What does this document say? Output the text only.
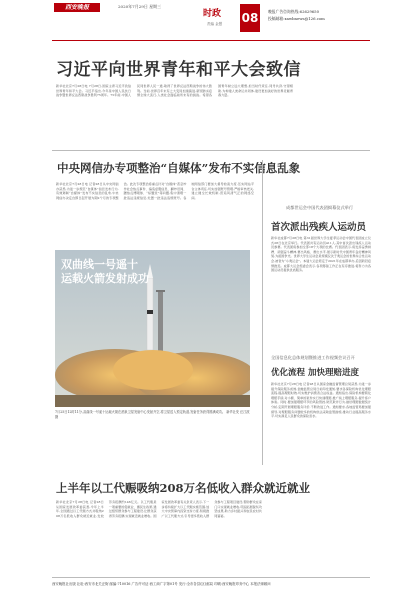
西安晚报	2020年7月29日 星期三
时政
责编 金慧 08	晚报广告咨询热线:62629650
投稿邮箱:xawbnews@126.com
习近平向世界青年和平大会致信
新华社北京7月28日电 7月28日,国家主席习近平致信世界青年和平大会。习近平指出,今年是中国人民抗日战争暨世界反法西斯战争胜利75周年。75年前,中国人民同世界人民一道,取得了世界反法西斯战争的伟大胜利。当前,世界百年未有之大变局加速演进,新冠肺炎疫情全球大流行,人类社会面临前所未有的挑战。希望各国青年树立远大理想,担当时代责任,同舟共济,守望相助,为构建人类命运共同体,建设更加美好的世界贡献青春力量。
中央网信办专项整治“自媒体”发布不实信息乱象
新华社北京7月28日电 记者28日从中央网信办获悉,为进一步规范“自媒体”信息发布行为,有效遏制“自媒体”发布不实信息的乱象,中央网信办决定自即日起开展为期2个月的专项整治。此次专项整治将重点针对“自媒体”恶意炒作社会热点事件、编造虚假信息、翻炒旧闻、蹭热点博眼球、“标题党”等问题,集中清理一批违法违规信息,处置一批违法违规账号。各地网信部门要加大督导检查力度,压实网站平台主体责任,切实加强账号管理,严格审核把关,建立健全长效机制,营造风清气正的网络空间。
双曲线一号遥十
运载火箭发射成功
7月25日12时11分,双曲线一号遥十运载火箭在酒泉卫星发射中心发射升空,将卫星送入预定轨道,发射任务获得圆满成功。 新华社发 汪江波 摄
成都世运会中国代表团揭幕仪式举行
首次派出残疾人运动员
新华社成都7月28日电 第31届世界大学生夏季运动会中国代表团成立仪式28日在北京举行。代表团共有运动员411人,其中首次派出残疾人运动员参赛。代表团将参加全部18个大项的比赛。代表团表示,将发扬奋勇拼搏、顽强奋斗精神,赛出风格、赛出水平,展示新时代中国青年良好精神风貌,为祖国争光。世界大学生运动会是规模仅次于奥运会的世界综合性运动会,被誉为“小奥运会”。本届大运会原定于2021年在成都举办,后因新冠疫情推迟。成都大运会组委会表示,各项筹备工作正在有序推进,将努力为各国运动员提供优质服务。
全国信息化总体规划暨推进工作视频会议召开
优化流程 加快理赔进度
新华社北京7月28日电 记者28日从国家金融监督管理总局获悉,为进一步提升保险服务质效,金融监管总局日前印发通知,要求各保险机构优化理赔流程,提高理赔时效,切实维护消费者合法权益。通知指出,保险机构要简化理赔手续,对小额、简单的案件实行快速理赔,推广线上理赔服务,提升客户体验。同时,要加强理赔环节的风险管控,防范欺诈行为,做好理赔数据统计分析,定期开展理赔服务评价,不断改进工作。通知要求,各地监管局要加强督导,对理赔服务问题较多的机构依法采取监管措施,推动行业提高服务水平,切实满足人民群众的保险需求。
上半年以工代赈吸纳208万名低收入群众就近就业
新华社北京7月28日电 记者28日从国家发展改革委获悉,今年上半年,全国通过以工代赈方式共吸纳208万名低收入群众就近就业,发放劳务报酬约146亿元。以工代赈是一项重要的促就业、惠民生政策,通过组织群众参与工程建设,让群众获得劳务报酬,实现就近就业增收。国家发展改革委有关负责人表示,下一步将持续扩大以工代赈实施范围,加大中央预算内投资支持力度,积极推广以工代赈方式,引导更多低收入群众参与工程项目建设,帮助群众在家门口实现就业增收,巩固拓展脱贫攻坚成果,助力乡村振兴和农民农村共同富裕。
西安晚报社出版 社址:西安市北关正街 邮编:710016 广告许可证:西工商广字第01号 发行:全市各县(区)邮局 印刷:西安晚报印务中心 本报法律顾问
